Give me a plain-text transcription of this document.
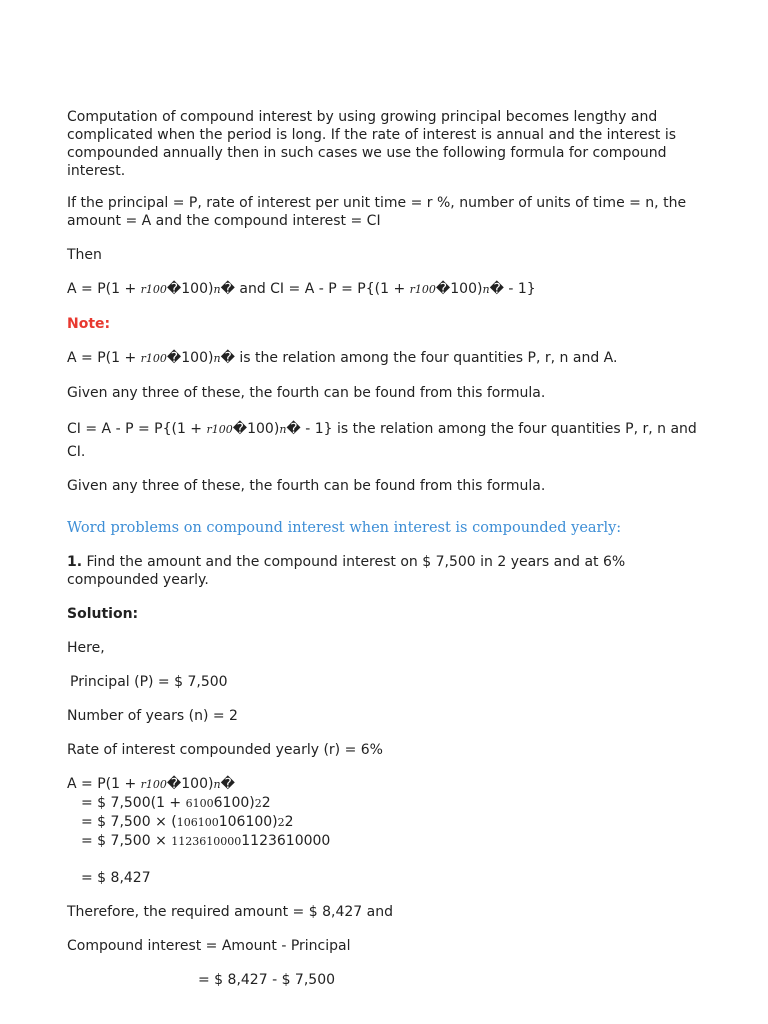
Computation of compound interest by using growing principal becomes lengthy and complicated when the period is long. If the rate of interest is annual and the interest is compounded annually then in such cases we use the following formula for compound interest.

If the principal = P, rate of interest per unit time = r %, number of units of time = n, the amount = A and the compound interest = CI

Then

A = P(1 + r100�100)n� and CI = A - P = P{(1 + r100�100)n� - 1}

Note:

A = P(1 + r100�100)n� is the relation among the four quantities P, r, n and A.

Given any three of these, the fourth can be found from this formula.

CI = A - P = P{(1 + r100�100)n� - 1} is the relation among the four quantities P, r, n and CI.

Given any three of these, the fourth can be found from this formula.

Word problems on compound interest when interest is compounded yearly:

1. Find the amount and the compound interest on $ 7,500 in 2 years and at 6% compounded yearly.

Solution:

Here,

Principal (P) = $ 7,500

Number of years (n) = 2

Rate of interest compounded yearly (r) = 6%

A = P(1 + r100�100)n�

= $ 7,500(1 + 61006100)22

= $ 7,500 × (106100106100)22

= $ 7,500 × 11236100001123610000

= $ 8,427

Therefore, the required amount = $ 8,427 and

Compound interest = Amount - Principal

= $ 8,427 - $ 7,500
